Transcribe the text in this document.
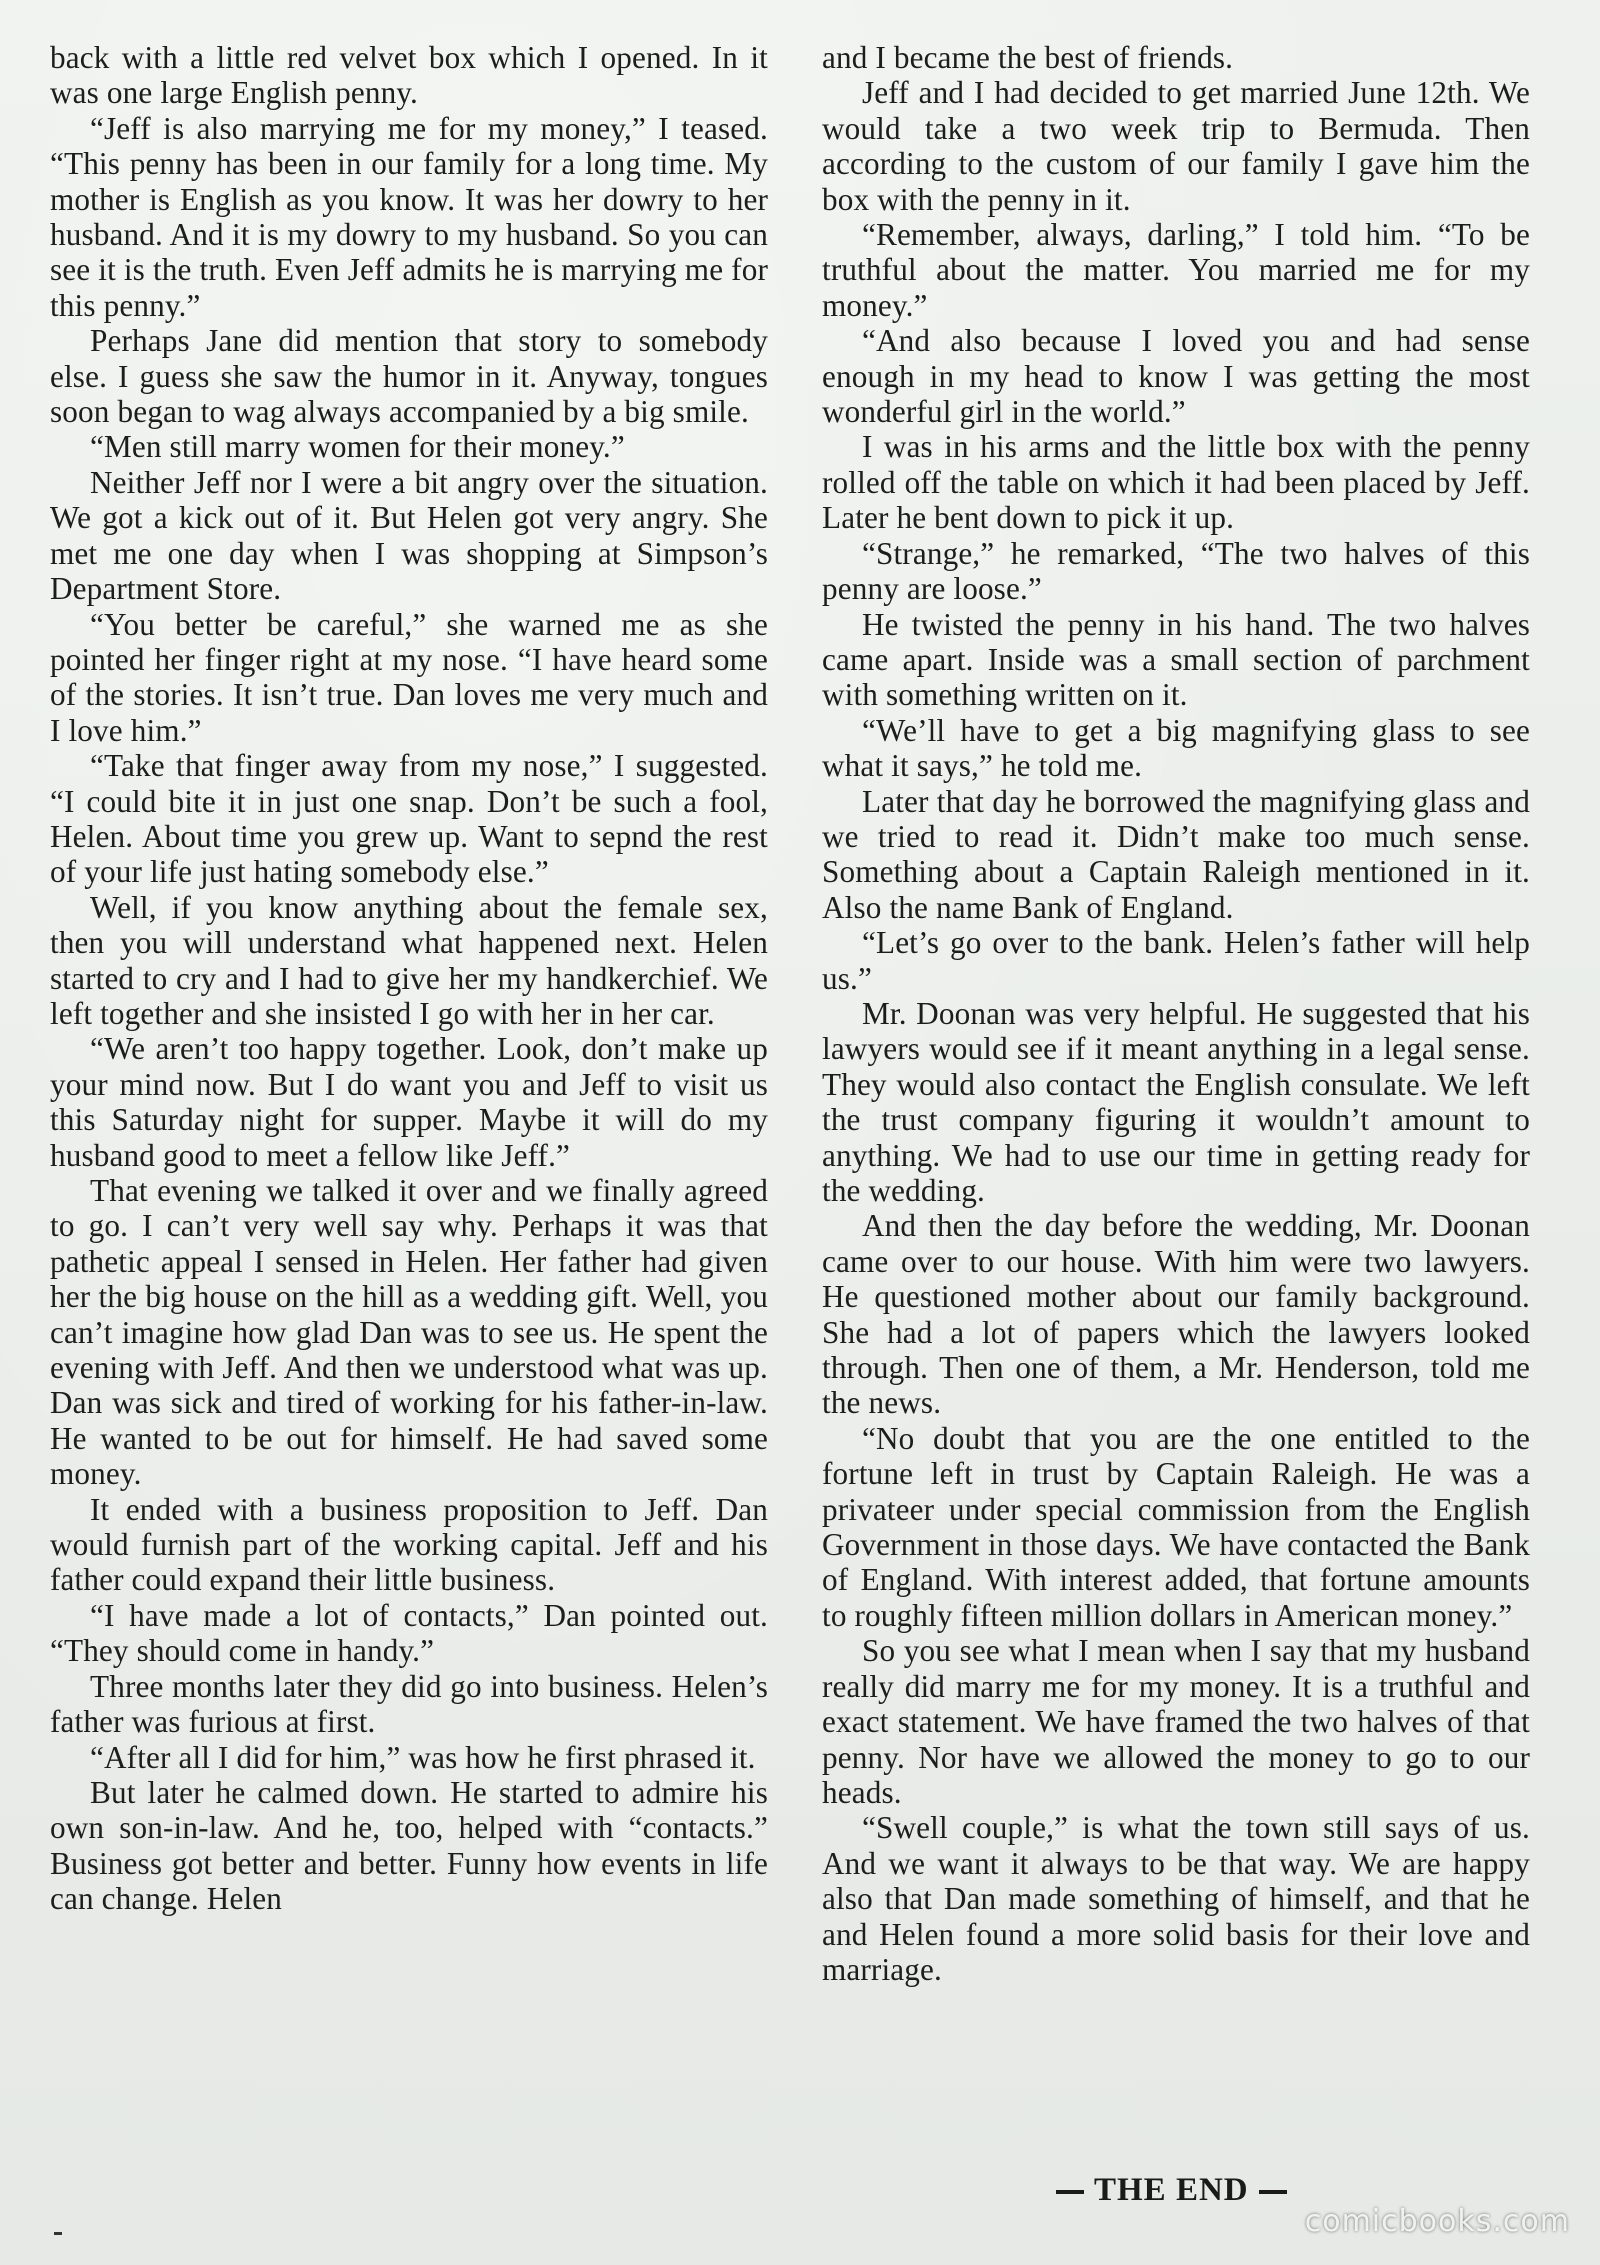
back with a little red velvet box which I opened. In it was one large English penny.

“Jeff is also marrying me for my money,” I teased. “This penny has been in our family for a long time. My mother is English as you know. It was her dowry to her husband. And it is my dowry to my husband. So you can see it is the truth. Even Jeff admits he is marrying me for this penny.”

Perhaps Jane did mention that story to somebody else. I guess she saw the humor in it. Anyway, tongues soon began to wag always accompanied by a big smile.

“Men still marry women for their money.”

Neither Jeff nor I were a bit angry over the situation. We got a kick out of it. But Helen got very angry. She met me one day when I was shopping at Simpson’s Department Store.

“You better be careful,” she warned me as she pointed her finger right at my nose. “I have heard some of the stories. It isn’t true. Dan loves me very much and I love him.”

“Take that finger away from my nose,” I suggested. “I could bite it in just one snap. Don’t be such a fool, Helen. About time you grew up. Want to sepnd the rest of your life just hating somebody else.”

Well, if you know anything about the female sex, then you will understand what happened next. Helen started to cry and I had to give her my handkerchief. We left together and she insisted I go with her in her car.

“We aren’t too happy together. Look, don’t make up your mind now. But I do want you and Jeff to visit us this Saturday night for supper. Maybe it will do my husband good to meet a fellow like Jeff.”

That evening we talked it over and we finally agreed to go. I can’t very well say why. Perhaps it was that pathetic appeal I sensed in Helen. Her father had given her the big house on the hill as a wedding gift. Well, you can’t imagine how glad Dan was to see us. He spent the evening with Jeff. And then we understood what was up. Dan was sick and tired of working for his father-in-law. He wanted to be out for himself. He had saved some money.

It ended with a business proposition to Jeff. Dan would furnish part of the working capital. Jeff and his father could expand their little business.

“I have made a lot of contacts,” Dan pointed out. “They should come in handy.”

Three months later they did go into business. Helen’s father was furious at first.

“After all I did for him,” was how he first phrased it.

But later he calmed down. He started to admire his own son-in-law. And he, too, helped with “contacts.” Business got better and better. Funny how events in life can change. Helen

and I became the best of friends.

Jeff and I had decided to get married June 12th. We would take a two week trip to Bermuda. Then according to the custom of our family I gave him the box with the penny in it.

“Remember, always, darling,” I told him. “To be truthful about the matter. You married me for my money.”

“And also because I loved you and had sense enough in my head to know I was getting the most wonderful girl in the world.”

I was in his arms and the little box with the penny rolled off the table on which it had been placed by Jeff. Later he bent down to pick it up.

“Strange,” he remarked, “The two halves of this penny are loose.”

He twisted the penny in his hand. The two halves came apart. Inside was a small section of parchment with something written on it.

“We’ll have to get a big magnifying glass to see what it says,” he told me.

Later that day he borrowed the magnifying glass and we tried to read it. Didn’t make too much sense. Something about a Captain Raleigh mentioned in it. Also the name Bank of England.

“Let’s go over to the bank. Helen’s father will help us.”

Mr. Doonan was very helpful. He suggested that his lawyers would see if it meant anything in a legal sense. They would also contact the English consulate. We left the trust company figuring it wouldn’t amount to anything. We had to use our time in getting ready for the wedding.

And then the day before the wedding, Mr. Doonan came over to our house. With him were two lawyers. He questioned mother about our family background. She had a lot of papers which the lawyers looked through. Then one of them, a Mr. Henderson, told me the news.

“No doubt that you are the one entitled to the fortune left in trust by Captain Raleigh. He was a privateer under special commission from the English Government in those days. We have contacted the Bank of England. With interest added, that fortune amounts to roughly fifteen million dollars in American money.”

So you see what I mean when I say that my husband really did marry me for my money. It is a truthful and exact statement. We have framed the two halves of that penny. Nor have we allowed the money to go to our heads.

“Swell couple,” is what the town still says of us. And we want it always to be that way. We are happy also that Dan made something of himself, and that he and Helen found a more solid basis for their love and marriage.

THE END
comicbooks.com
